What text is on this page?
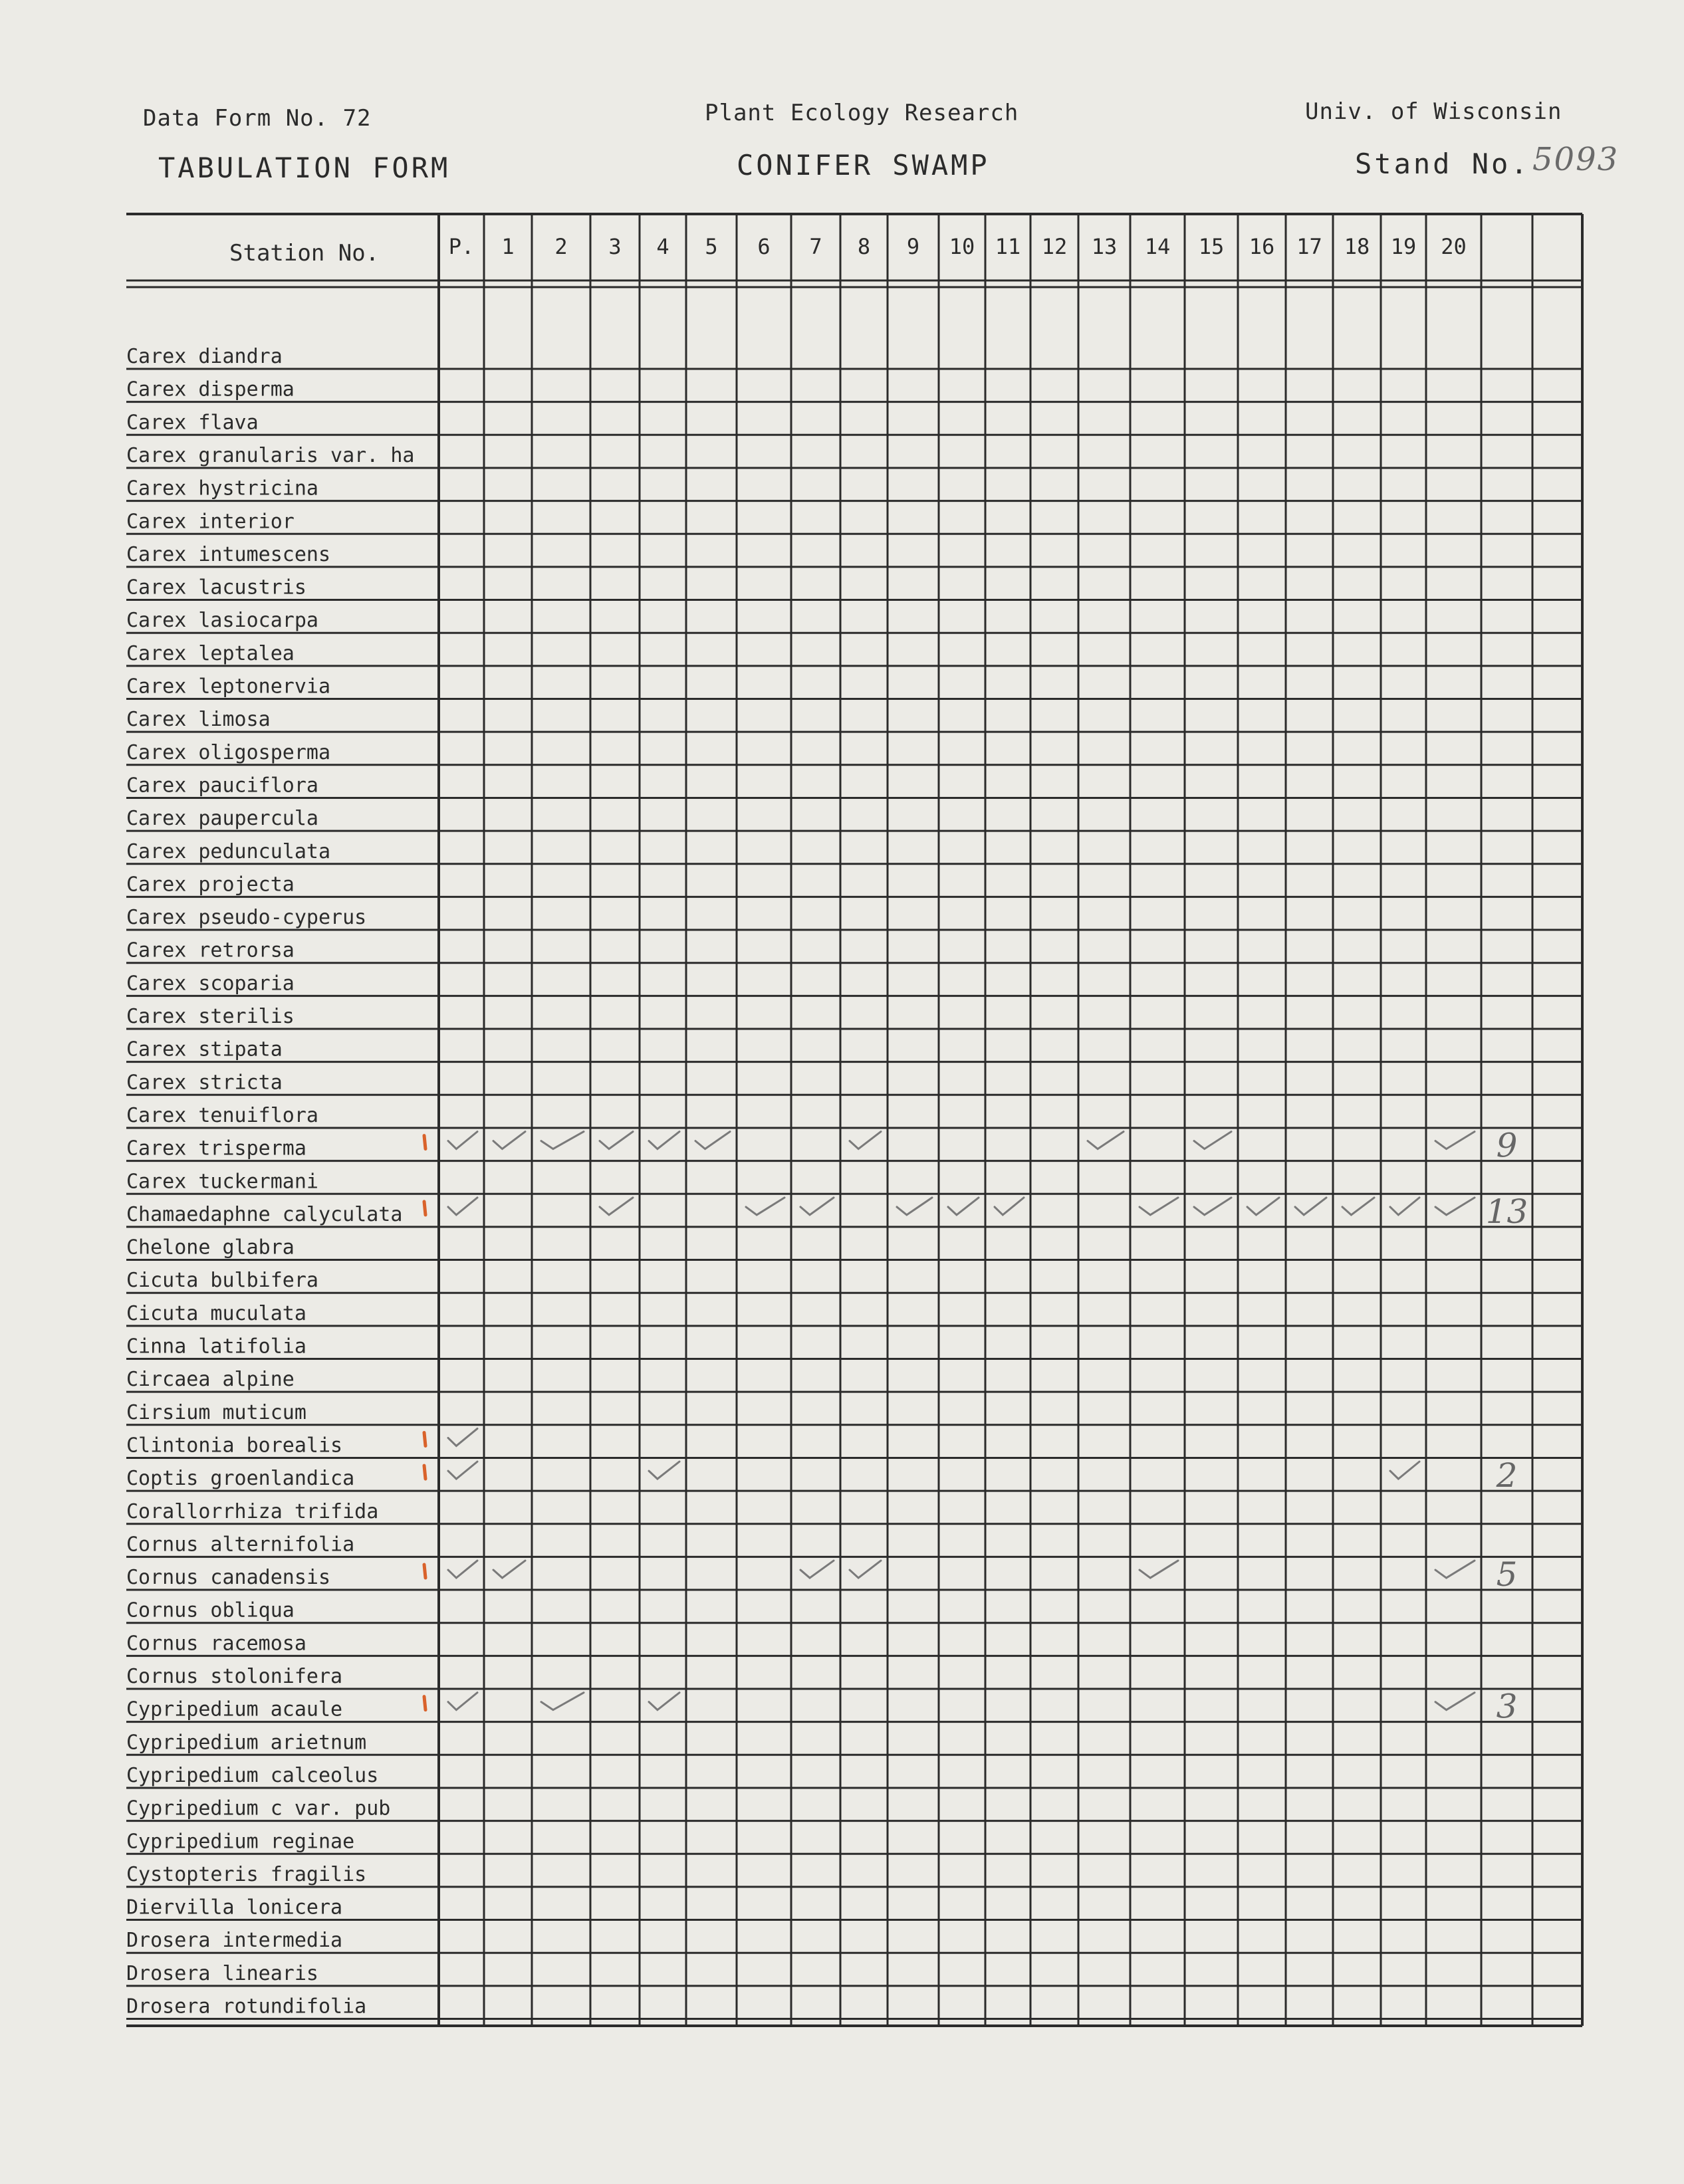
Data Form No. 72
TABULATION FORM
Plant Ecology Research
CONIFER SWAMP
Univ. of Wisconsin
Stand No. 5093
Station No.	P. 1 2 3 4 5 6 7 8 9 10 11 12 13 14 15 16 17 18 19 20
Carex diandra
Carex disperma
Carex flava
Carex granularis var. ha
Carex hystricina
Carex interior
Carex intumescens
Carex lacustris
Carex lasiocarpa
Carex leptalea
Carex leptonervia
Carex limosa
Carex oligosperma
Carex pauciflora
Carex paupercula
Carex pedunculata
Carex projecta
Carex pseudo-cyperus
Carex retrorsa
Carex scoparia
Carex sterilis
Carex stipata
Carex stricta
Carex tenuiflora
Carex trisperma
Carex tuckermani
Chamaedaphne calyculata
Chelone glabra
Cicuta bulbifera
Cicuta muculata
Cinna latifolia
Circaea alpine
Cirsium muticum
Clintonia borealis
Coptis groenlandica
Corallorrhiza trifida
Cornus alternifolia
Cornus canadensis
Cornus obliqua
Cornus racemosa
Cornus stolonifera
Cypripedium acaule
Cypripedium arietnum
Cypripedium calceolus
Cypripedium c var. pub
Cypripedium reginae
Cystopteris fragilis
Diervilla lonicera
Drosera intermedia
Drosera linearis
Drosera rotundifolia
9
13
2
5
3
